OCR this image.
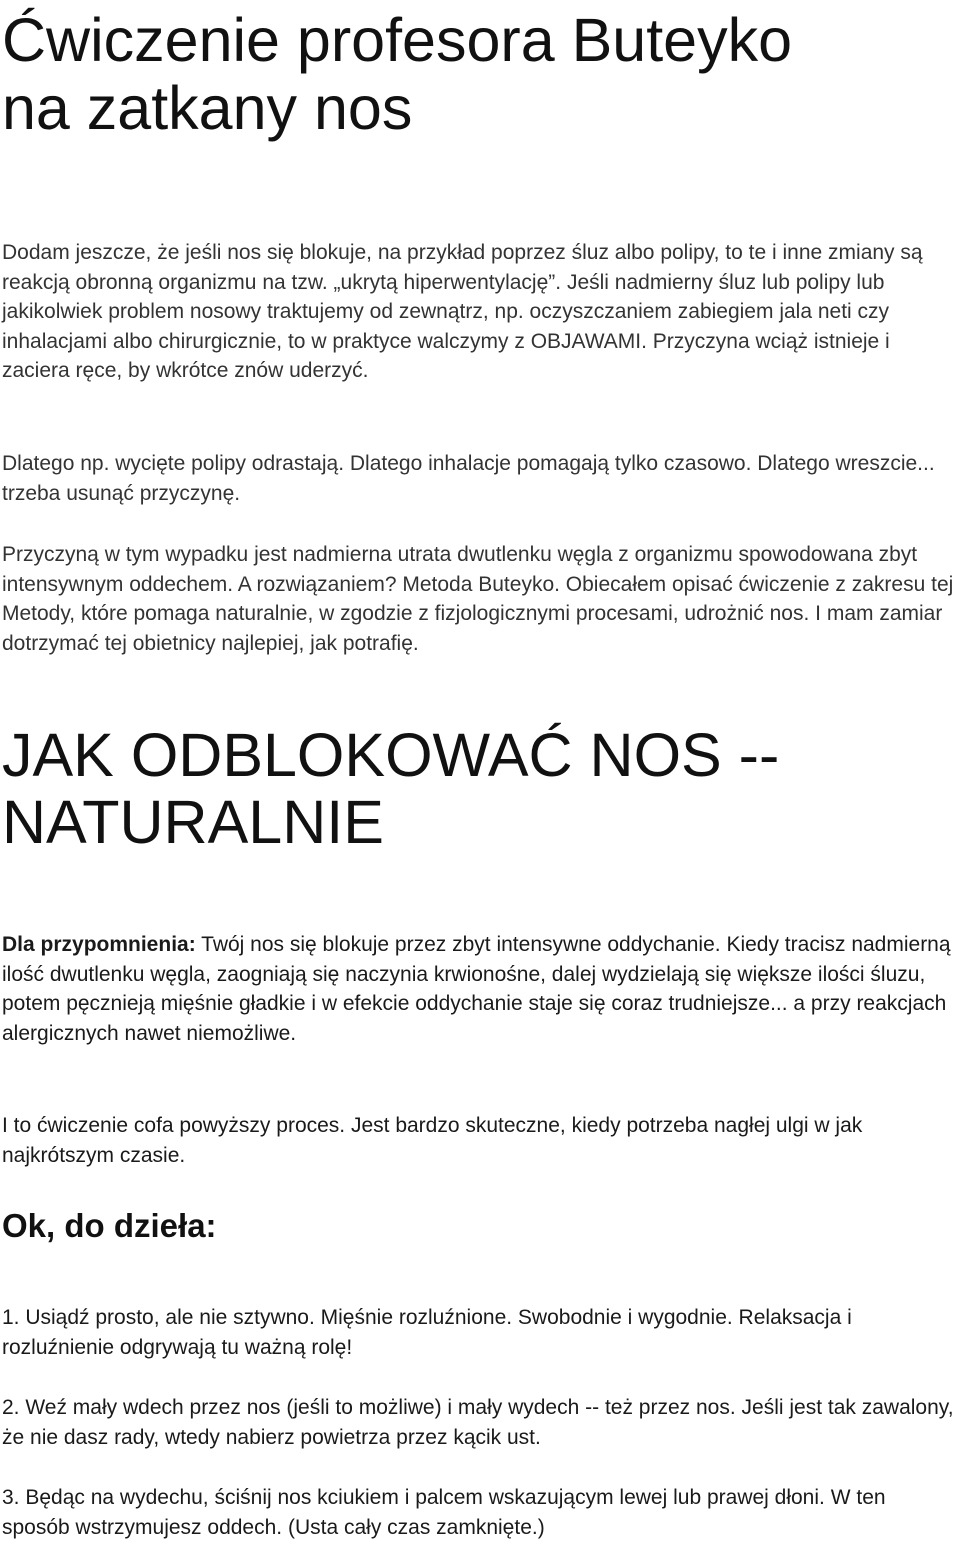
Ćwiczenie profesora Buteyko
na zatkany nos

Dodam jeszcze, że jeśli nos się blokuje, na przykład poprzez śluz albo polipy, to te i inne zmiany są reakcją obronną organizmu na tzw. „ukrytą hiperwentylację”. Jeśli nadmierny śluz lub polipy lub jakikolwiek problem nosowy traktujemy od zewnątrz, np. oczyszczaniem zabiegiem jala neti czy inhalacjami albo chirurgicznie, to w praktyce walczymy z OBJAWAMI. Przyczyna wciąż istnieje i zaciera ręce, by wkrótce znów uderzyć.

Dlatego np. wycięte polipy odrastają. Dlatego inhalacje pomagają tylko czasowo. Dlatego wreszcie... trzeba usunąć przyczynę.

Przyczyną w tym wypadku jest nadmierna utrata dwutlenku węgla z organizmu spowodowana zbyt intensywnym oddechem. A rozwiązaniem? Metoda Buteyko. Obiecałem opisać ćwiczenie z zakresu tej Metody, które pomaga naturalnie, w zgodzie z fizjologicznymi procesami, udrożnić nos. I mam zamiar dotrzymać tej obietnicy najlepiej, jak potrafię.

JAK ODBLOKOWAĆ NOS --
NATURALNIE

Dla przypomnienia: Twój nos się blokuje przez zbyt intensywne oddychanie. Kiedy tracisz nadmierną ilość dwutlenku węgla, zaogniają się naczynia krwionośne, dalej wydzielają się większe ilości śluzu, potem pęcznieją mięśnie gładkie i w efekcie oddychanie staje się coraz trudniejsze... a przy reakcjach alergicznych nawet niemożliwe.

I to ćwiczenie cofa powyższy proces. Jest bardzo skuteczne, kiedy potrzeba nagłej ulgi w jak najkrótszym czasie.

Ok, do dzieła:

1. Usiądź prosto, ale nie sztywno. Mięśnie rozluźnione. Swobodnie i wygodnie. Relaksacja i rozluźnienie odgrywają tu ważną rolę!

2. Weź mały wdech przez nos (jeśli to możliwe) i mały wydech -- też przez nos. Jeśli jest tak zawalony, że nie dasz rady, wtedy nabierz powietrza przez kącik ust.

3. Będąc na wydechu, ściśnij nos kciukiem i palcem wskazującym lewej lub prawej dłoni. W ten sposób wstrzymujesz oddech. (Usta cały czas zamknięte.)
